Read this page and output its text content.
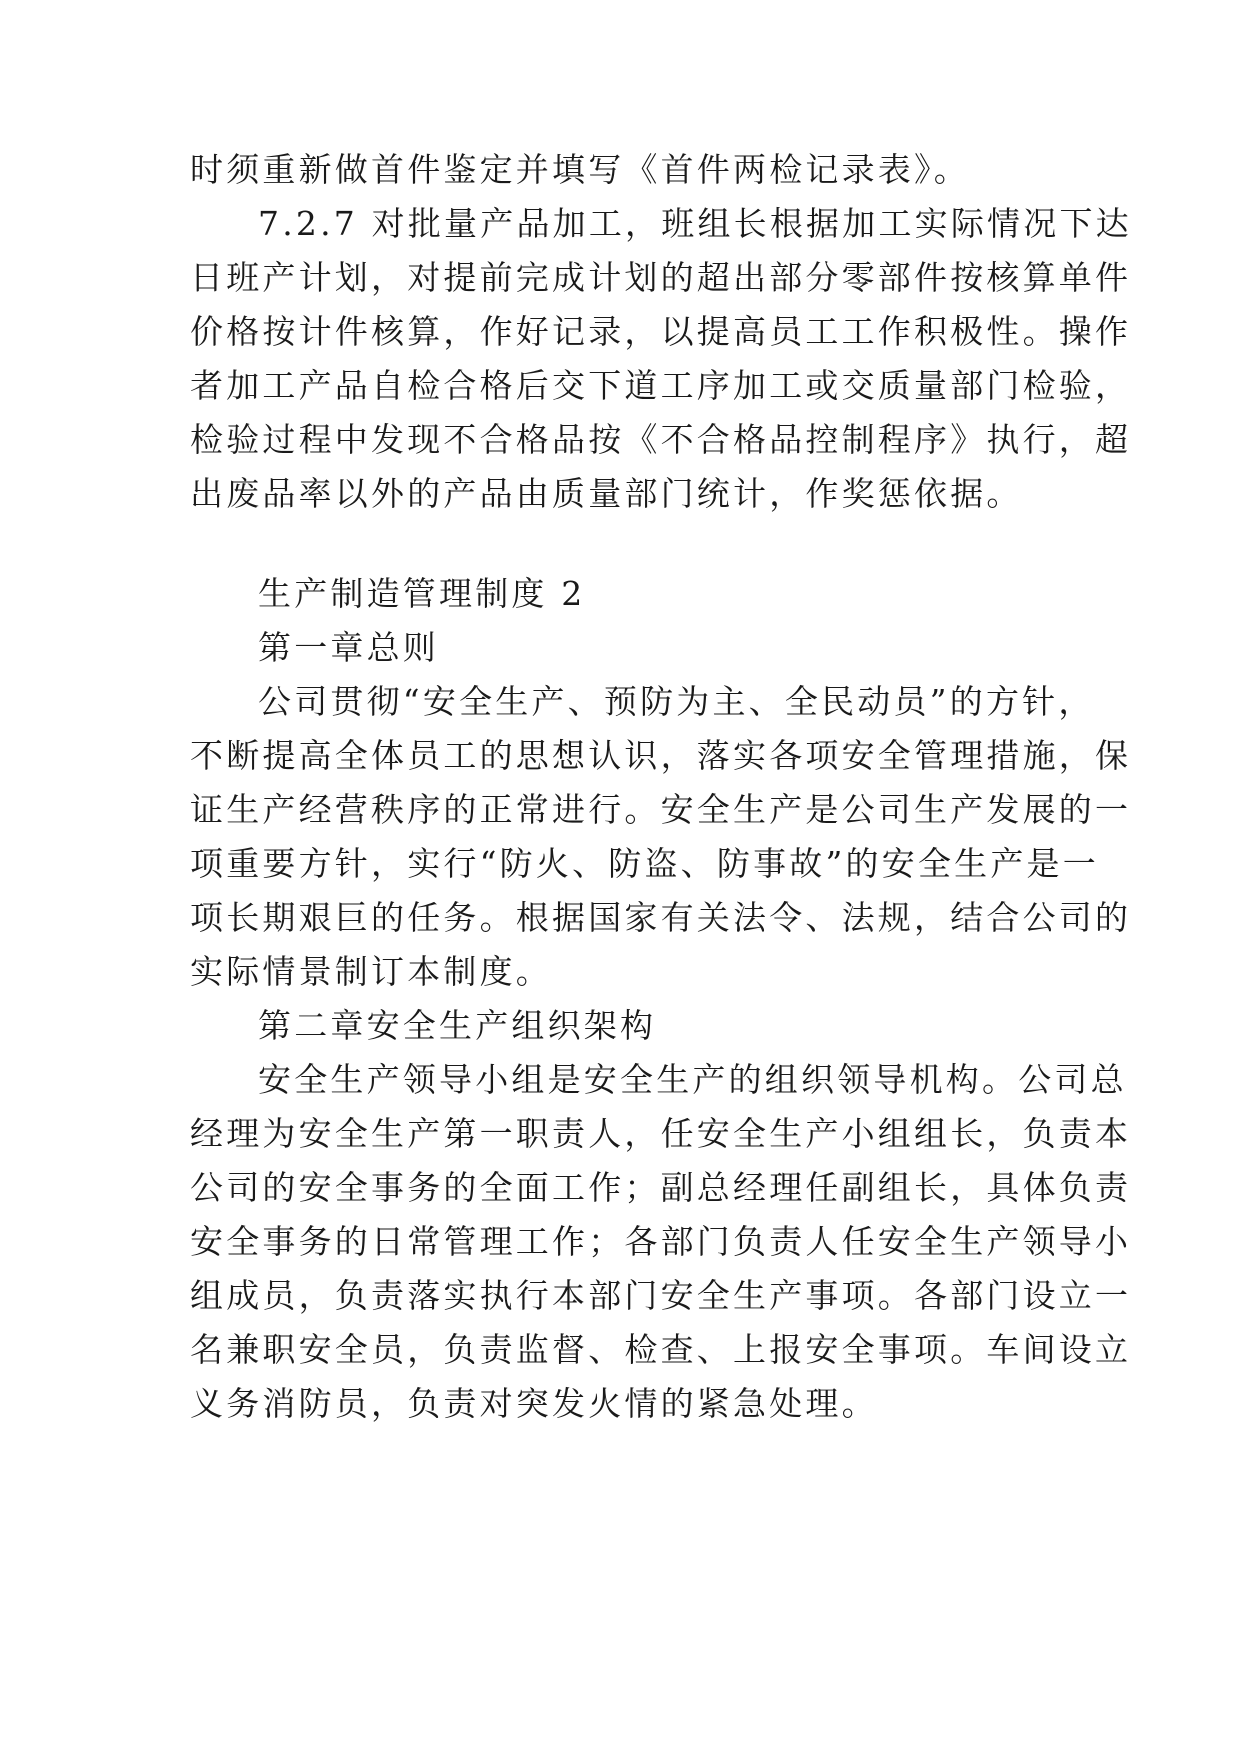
时须重新做首件鉴定并填写《首件两检记录表》。
7.2.7 对批量产品加工，班组长根据加工实际情况下达
日班产计划，对提前完成计划的超出部分零部件按核算单件
价格按计件核算，作好记录，以提高员工工作积极性。操作
者加工产品自检合格后交下道工序加工或交质量部门检验，
检验过程中发现不合格品按《不合格品控制程序》执行，超
出废品率以外的产品由质量部门统计，作奖惩依据。
生产制造管理制度 2
第一章总则
公司贯彻“安全生产、预防为主、全民动员”的方针，
不断提高全体员工的思想认识，落实各项安全管理措施，保
证生产经营秩序的正常进行。安全生产是公司生产发展的一
项重要方针，实行“防火、防盗、防事故”的安全生产是一
项长期艰巨的任务。根据国家有关法令、法规，结合公司的
实际情景制订本制度。
第二章安全生产组织架构
安全生产领导小组是安全生产的组织领导机构。公司总
经理为安全生产第一职责人，任安全生产小组组长，负责本
公司的安全事务的全面工作；副总经理任副组长，具体负责
安全事务的日常管理工作；各部门负责人任安全生产领导小
组成员，负责落实执行本部门安全生产事项。各部门设立一
名兼职安全员，负责监督、检查、上报安全事项。车间设立
义务消防员，负责对突发火情的紧急处理。
